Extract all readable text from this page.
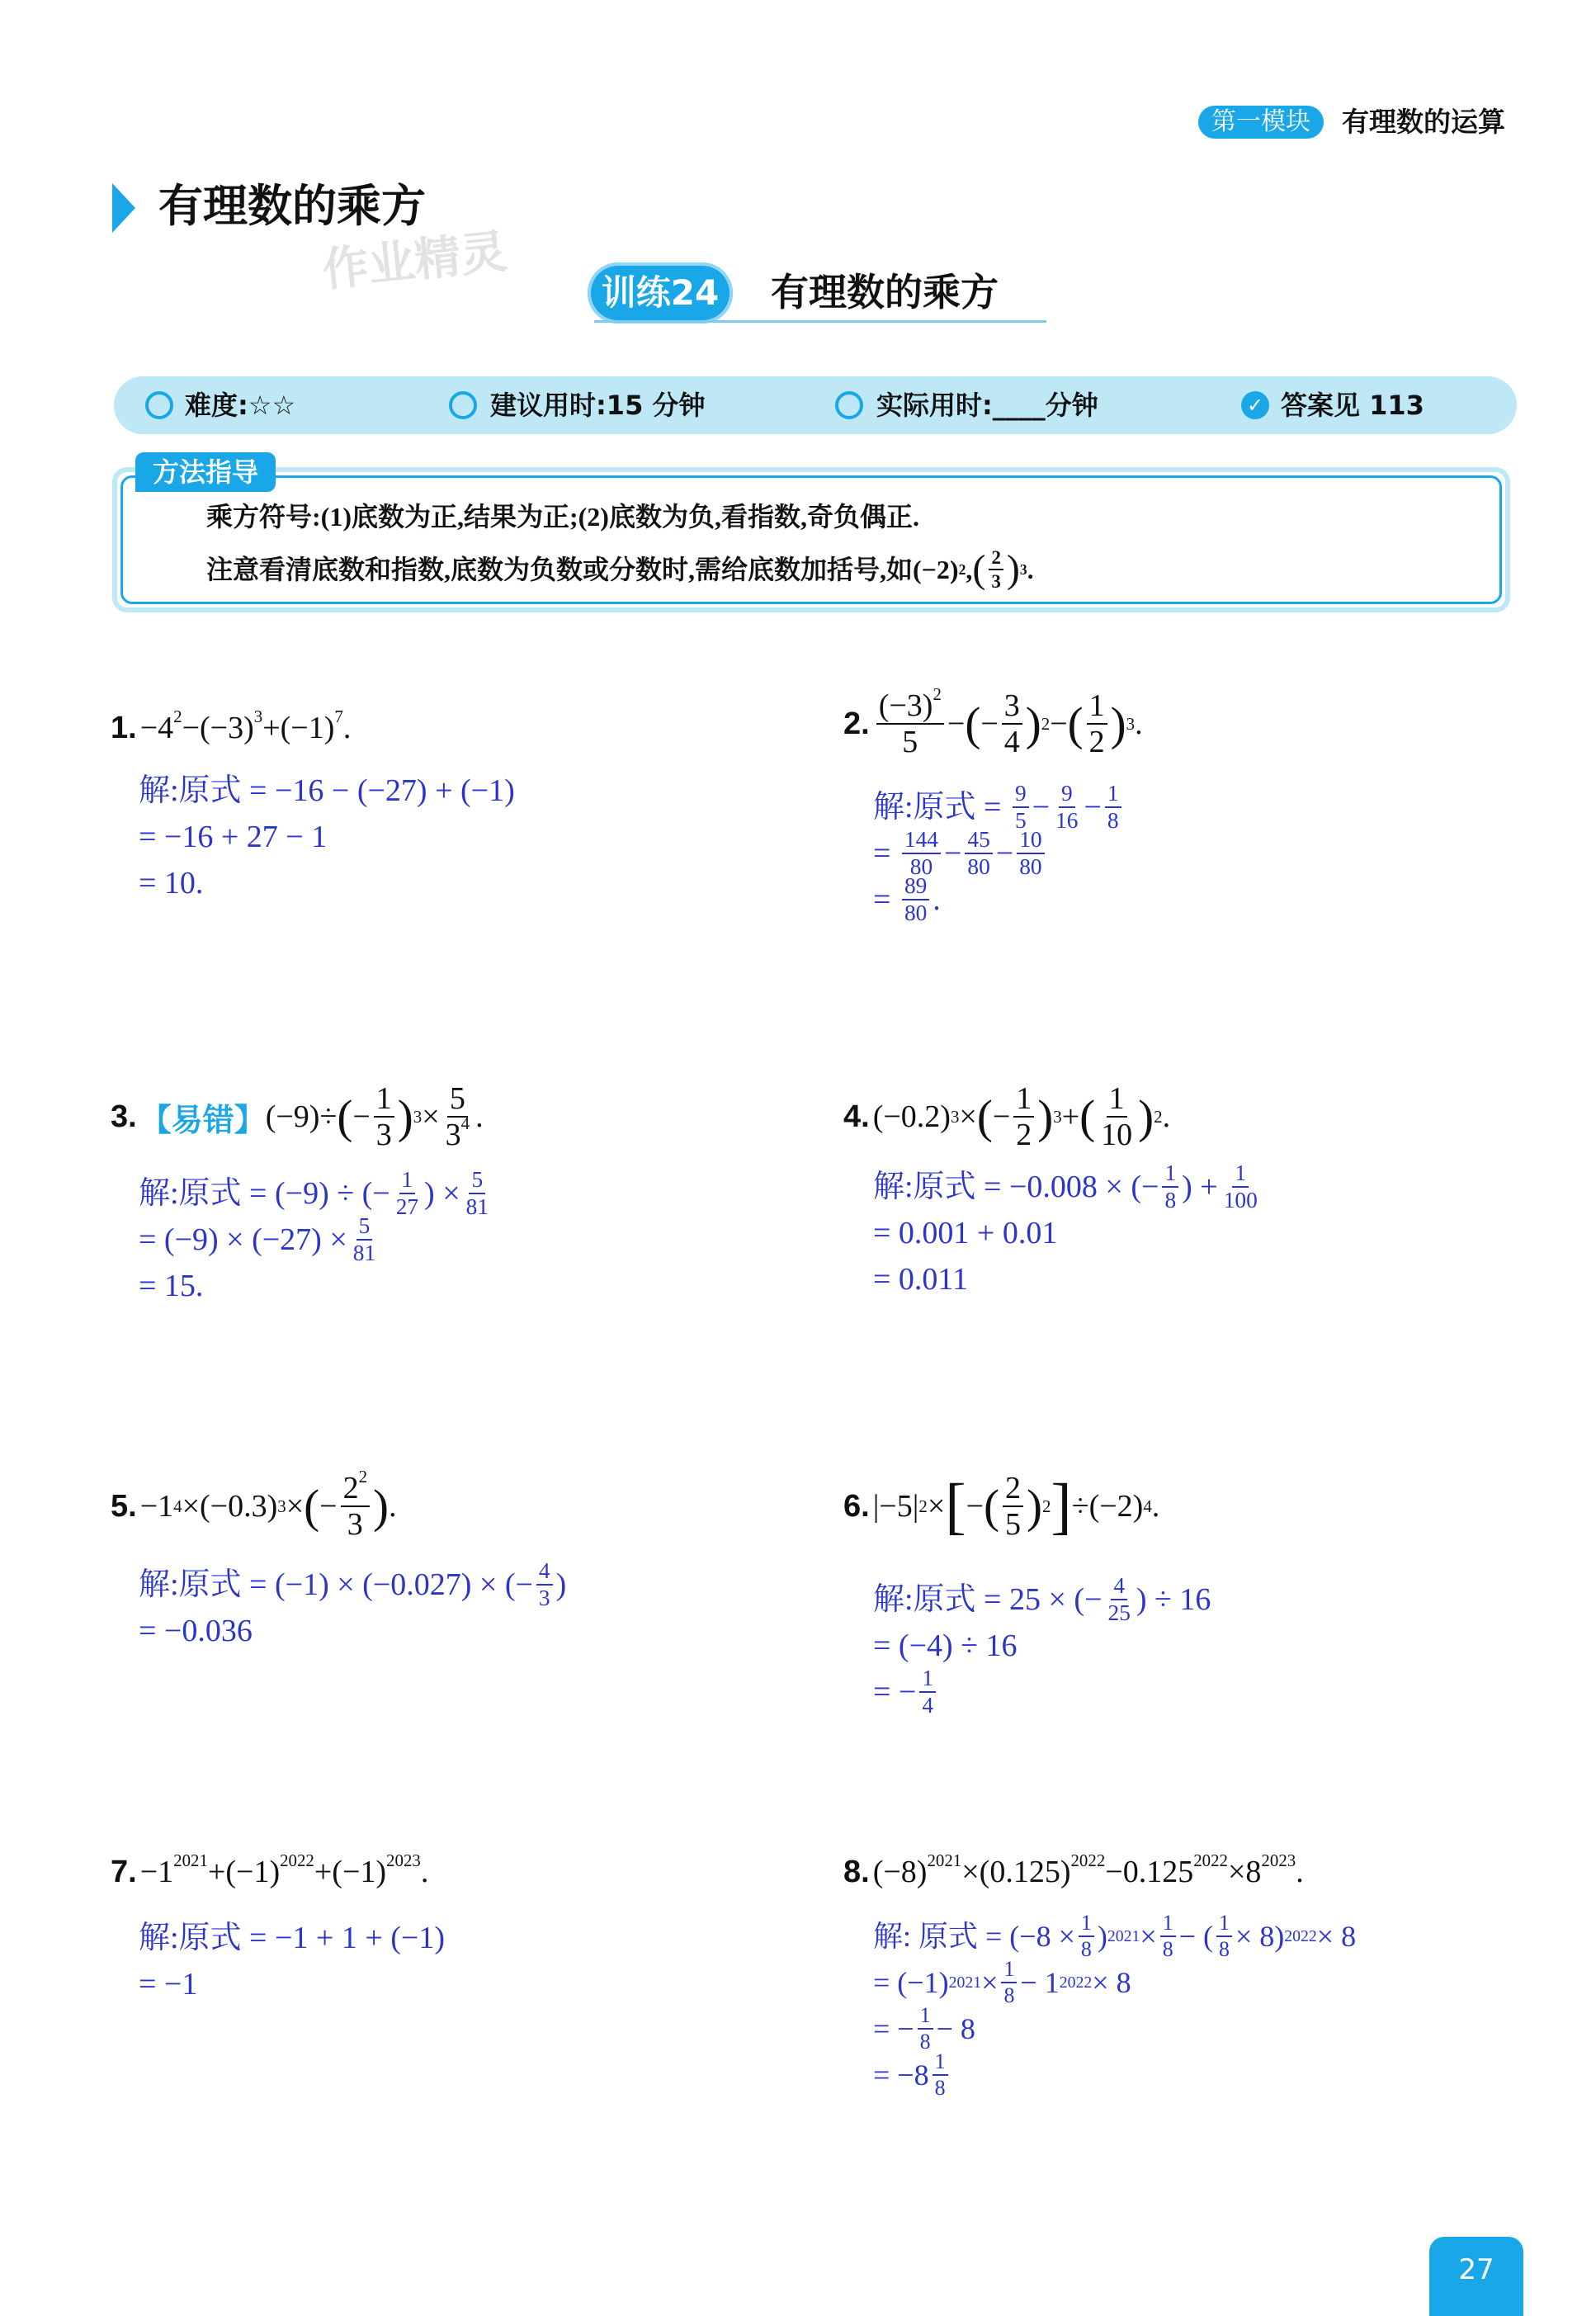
第一模块	有理数的运算
有理数的乘方
作业精灵	训练24	有理数的乘方
难度:☆☆	建议用时:15 分钟	实际用时:____分钟	✓ 答案见 113
方法指导
乘方符号:(1)底数为正,结果为正;(2)底数为负,看指数,奇负偶正.
注意看清底数和指数,底数为负数或分数时,需给底数加括号,如(−2) 2 , ( $\frac{2}{3}$ ) 3 .
1. $-4^2-(-3)^3+(-1)^7$.
解:原式 = −16 − (−27) + (−1)
= −16 + 27 − 1
= 10.
2. $\frac{(-3)^2}{5}$ − ( − $\frac{3}{4}$ ) 2 − ( $\frac{1}{2}$ ) 3 .
解:原式 =
$\frac{9}{5} - \frac{9}{16} - \frac{1}{8}$
= $\frac{144}{80} - \frac{45}{80} - \frac{10}{80}$
= $\frac{89}{80}$ .
3. 【易错】 (−9)÷ ( − $\frac{1}{3}$ ) $3 \times \frac{5}{3^4}$ .
解:原式 = (−9) ÷ (− $\frac{1}{27}$ ) × $\frac{5}{81}$
= $(-9) \times (-27) \times \frac{5}{81}$
= 15.
4. (−0.2) 3 × ( − $\frac{1}{2}$ ) 3 + ( $\frac{1}{10}$ ) 2 .
解:原式 = −0.008 × (− $\frac{1}{8}$ ) + $\frac{1}{100}$
= 0.001 + 0.01
= 0.011
5. −1 4 ×(−0.3) 3 × ( − $\frac{2^2}{3}$ ) .
解:原式 = (−1) × (−0.027) × (− $\frac{4}{3}$ )
= −0.036
6. |−5| 2 × [ − ( $\frac{2}{5}$ ) 2 ] ÷(−2) 4 .
解:原式 = 25 × (− $\frac{4}{25}$ ) ÷ 16
= (−4) ÷ 16
= − $\frac{1}{4}$
7. $-1^{2021}+(-1)^{2022}+(-1)^{2023}$.
解:原式 = −1 + 1 + (−1)
= −1
8. $(-8)^{2021}\times(0.125)^{2022}-0.125^{2022}\times 8^{2023}$.
解: 原式 = ($-8 \times \frac{1}{8}$ ) $2021 \times \frac{1}{8}$ − ( $\frac{1}{8} \times 8$) 2022 × 8
= (−1) $2021 \times \frac{1}{8} - 1$ 2022 × 8
= − $\frac{1}{8} - 8$
= $-8 \frac{1}{8}$
27
